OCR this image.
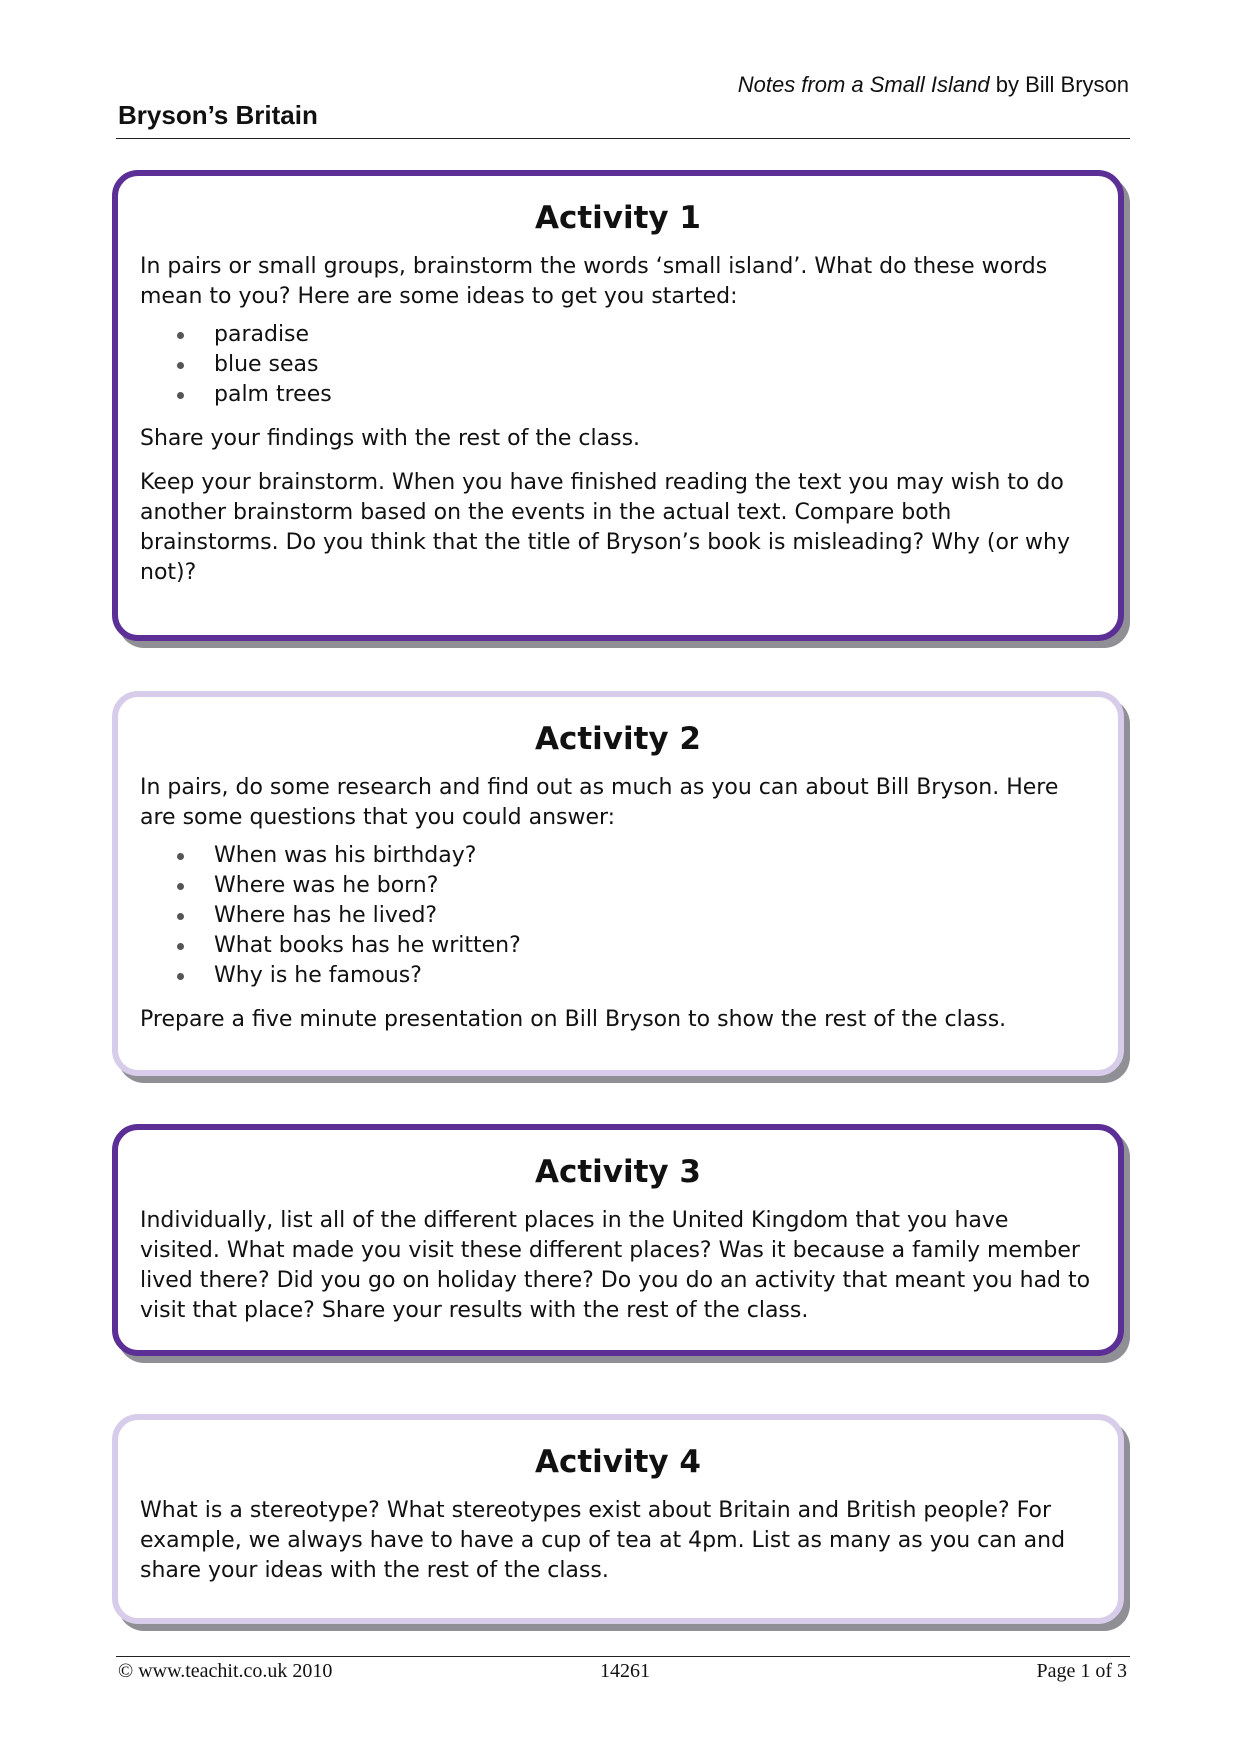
Notes from a Small Island by Bill Bryson
Bryson’s Britain
Activity 1

In pairs or small groups, brainstorm the words ‘small island’. What do these words mean to you? Here are some ideas to get you started:

paradise
blue seas
palm trees

Share your findings with the rest of the class.

Keep your brainstorm. When you have finished reading the text you may wish to do another brainstorm based on the events in the actual text. Compare both brainstorms. Do you think that the title of Bryson’s book is misleading? Why (or why not)?

Activity 2

In pairs, do some research and find out as much as you can about Bill Bryson. Here are some questions that you could answer:

When was his birthday?
Where was he born?
Where has he lived?
What books has he written?
Why is he famous?

Prepare a five minute presentation on Bill Bryson to show the rest of the class.

Activity 3

Individually, list all of the different places in the United Kingdom that you have visited. What made you visit these different places? Was it because a family member lived there? Did you go on holiday there? Do you do an activity that meant you had to visit that place? Share your results with the rest of the class.

Activity 4

What is a stereotype? What stereotypes exist about Britain and British people? For example, we always have to have a cup of tea at 4pm. List as many as you can and share your ideas with the rest of the class.

© www.teachit.co.uk 2010	14261	Page 1 of 3
